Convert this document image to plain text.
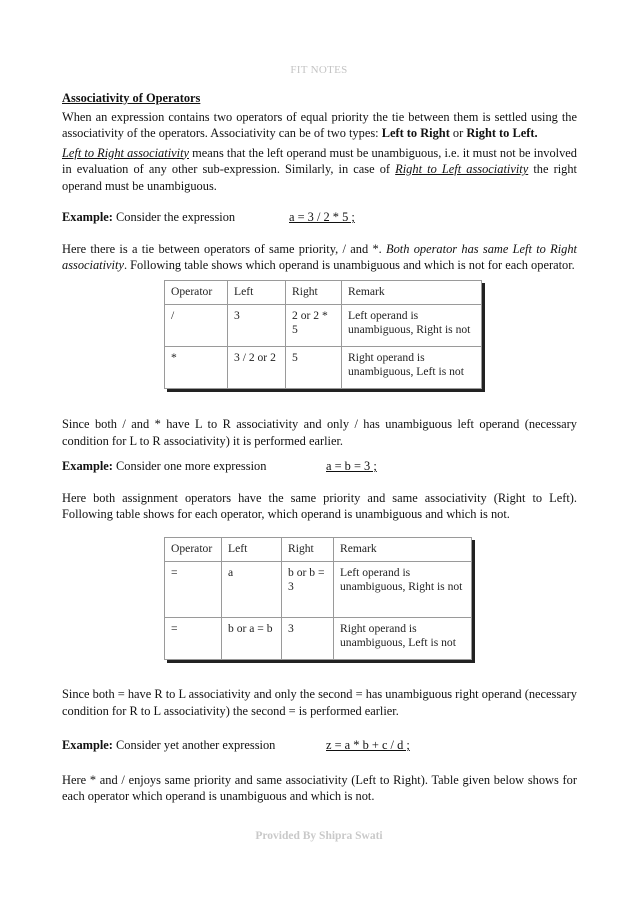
FIT NOTES

Associativity of Operators

When an expression contains two operators of equal priority the tie between them is settled using the associativity of the operators. Associativity can be of two types: Left to Right or Right to Left.

Left to Right associativity means that the left operand must be unambiguous, i.e. it must not be involved in evaluation of any other sub-expression. Similarly, in case of Right to Left associativity the right operand must be unambiguous.

Example: Consider the expression	a = 3 / 2 * 5 ;

Here there is a tie between operators of same priority, / and *. Both operator has same Left to Right associativity. Following table shows which operand is unambiguous and which is not for each operator.

Operator	Left	Right	Remark
/	3	2 or 2 * 5	Left operand is unambiguous, Right is not
*	3 / 2 or 2	5	Right operand is unambiguous, Left is not

Since both / and * have L to R associativity and only / has unambiguous left operand (necessary condition for L to R associativity) it is performed earlier.

Example: Consider one more expression	a = b = 3 ;

Here both assignment operators have the same priority and same associativity (Right to Left). Following table shows for each operator, which operand is unambiguous and which is not.

Operator	Left	Right	Remark
=	a	b or b = 3	Left operand is unambiguous, Right is not
=	b or a = b	3	Right operand is unambiguous, Left is not

Since both = have R to L associativity and only the second = has unambiguous right operand (necessary condition for R to L associativity) the second = is performed earlier.

Example: Consider yet another expression	z = a * b + c / d ;

Here * and / enjoys same priority and same associativity (Left to Right). Table given below shows for each operator which operand is unambiguous and which is not.

Provided By Shipra Swati
